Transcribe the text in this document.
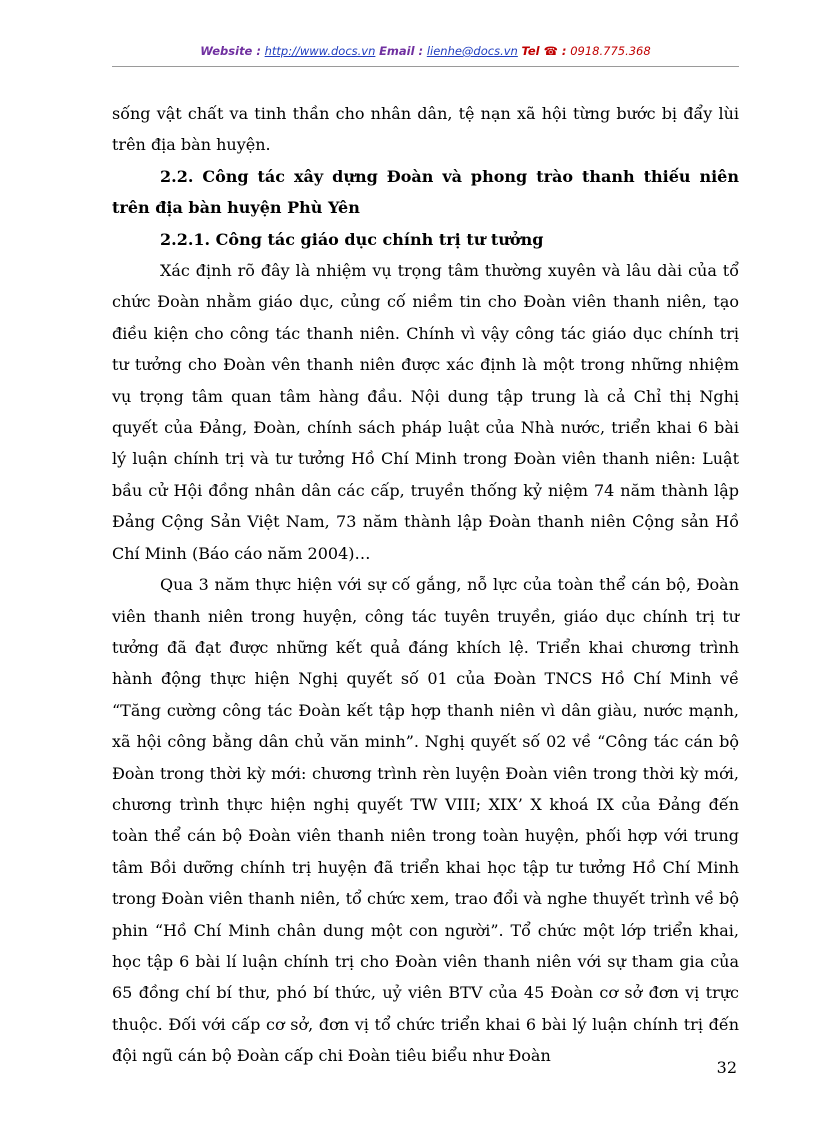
Website : http://www.docs.vn Email : lienhe@docs.vn Tel ☎ : 0918.775.368

sống vật chất va tinh thần cho nhân dân, tệ nạn xã hội từng bước bị đẩy lùi trên địa bàn huyện.

2.2. Công tác xây dựng Đoàn và phong trào thanh thiếu niên trên địa bàn huyện Phù Yên

2.2.1. Công tác giáo dục chính trị tư tưởng

Xác định rõ đây là nhiệm vụ trọng tâm thường xuyên và lâu dài của tổ chức Đoàn nhằm giáo dục, củng cố niềm tin cho Đoàn viên thanh niên, tạo điều kiện cho công tác thanh niên. Chính vì vậy công tác giáo dục chính trị tư tưởng cho Đoàn vên thanh niên được xác định là một trong những nhiệm vụ trọng tâm quan tâm hàng đầu. Nội dung tập trung là cả Chỉ thị Nghị quyết của Đảng, Đoàn, chính sách pháp luật của Nhà nước, triển khai 6 bài lý luận chính trị và tư tưởng Hồ Chí Minh trong Đoàn viên thanh niên: Luật bầu cử Hội đồng nhân dân các cấp, truyền thống kỷ niệm 74 năm thành lập Đảng Cộng Sản Việt Nam, 73 năm thành lập Đoàn thanh niên Cộng sản Hồ Chí Minh (Báo cáo năm 2004)…

Qua 3 năm thực hiện với sự cố gắng, nỗ lực của toàn thể cán bộ, Đoàn viên thanh niên trong huyện, công tác tuyên truyền, giáo dục chính trị tư tưởng đã đạt được những kết quả đáng khích lệ. Triển khai chương trình hành động thực hiện Nghị quyết số 01 của Đoàn TNCS Hồ Chí Minh về “Tăng cường công tác Đoàn kết tập hợp thanh niên vì dân giàu, nước mạnh, xã hội công bằng dân chủ văn minh”. Nghị quyết số 02 về “Công tác cán bộ Đoàn trong thời kỳ mới: chương trình rèn luyện Đoàn viên trong thời kỳ mới, chương trình thực hiện nghị quyết TW VIII; XIX’ X khoá IX của Đảng đến toàn thể cán bộ Đoàn viên thanh niên trong toàn huyện, phối hợp với trung tâm Bồi dưỡng chính trị huyện đã triển khai học tập tư tưởng Hồ Chí Minh trong Đoàn viên thanh niên, tổ chức xem, trao đổi và nghe thuyết trình về bộ phin “Hồ Chí Minh chân dung một con người”. Tổ chức một lớp triển khai, học tập 6 bài lí luận chính trị cho Đoàn viên thanh niên với sự tham gia của 65 đồng chí bí thư, phó bí thức, uỷ viên BTV của 45 Đoàn cơ sở đơn vị trực thuộc. Đối với cấp cơ sở, đơn vị tổ chức triển khai 6 bài lý luận chính trị đến đội ngũ cán bộ Đoàn cấp chi Đoàn tiêu biểu như Đoàn

32
